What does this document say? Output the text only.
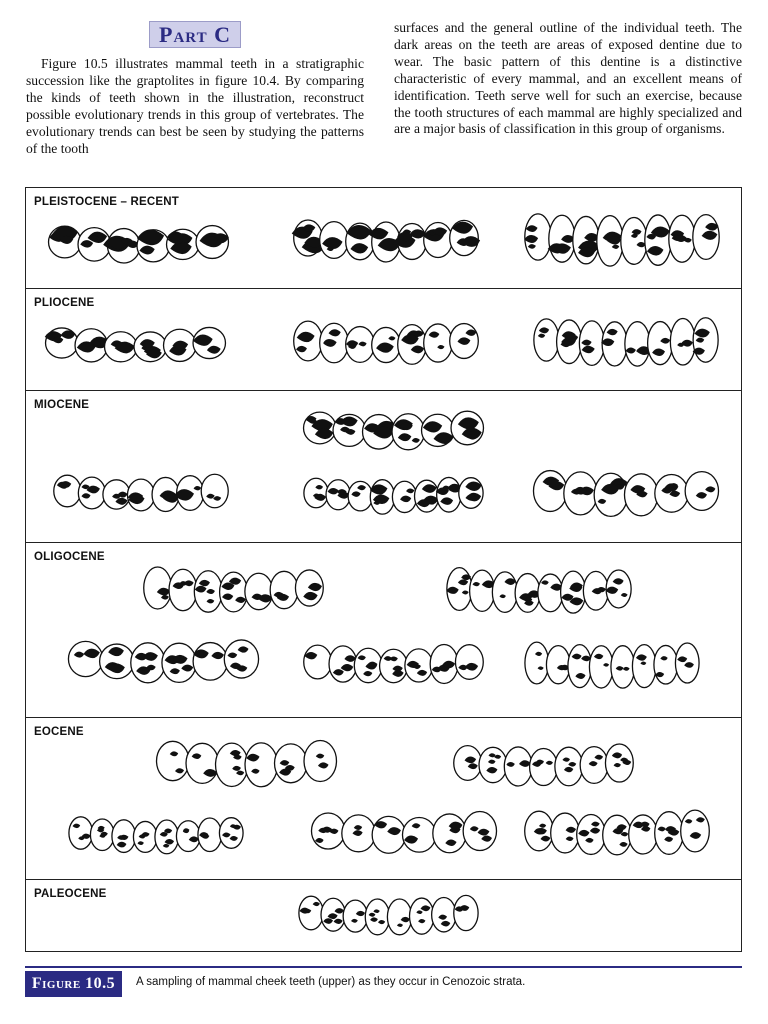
Part C
Figure 10.5 illustrates mammal teeth in a stratigraphic succession like the graptolites in figure 10.4. By comparing the kinds of teeth shown in the illustration, reconstruct possible evolutionary trends in this group of vertebrates. The evolutionary trends can best be seen by studying the patterns of the tooth
surfaces and the general outline of the individual teeth. The dark areas on the teeth are areas of exposed dentine due to wear. The basic pattern of this dentine is a distinctive characteristic of every mammal, and an excellent means of identification. Teeth serve well for such an exercise, because the tooth structures of each mammal are highly specialized and are a major basis of classification in this group of organisms.
PLEISTOCENE – RECENT
PLIOCENE
MIOCENE
OLIGOCENE
EOCENE
PALEOCENE
Figure 10.5 A sampling of mammal cheek teeth (upper) as they occur in Cenozoic strata.
